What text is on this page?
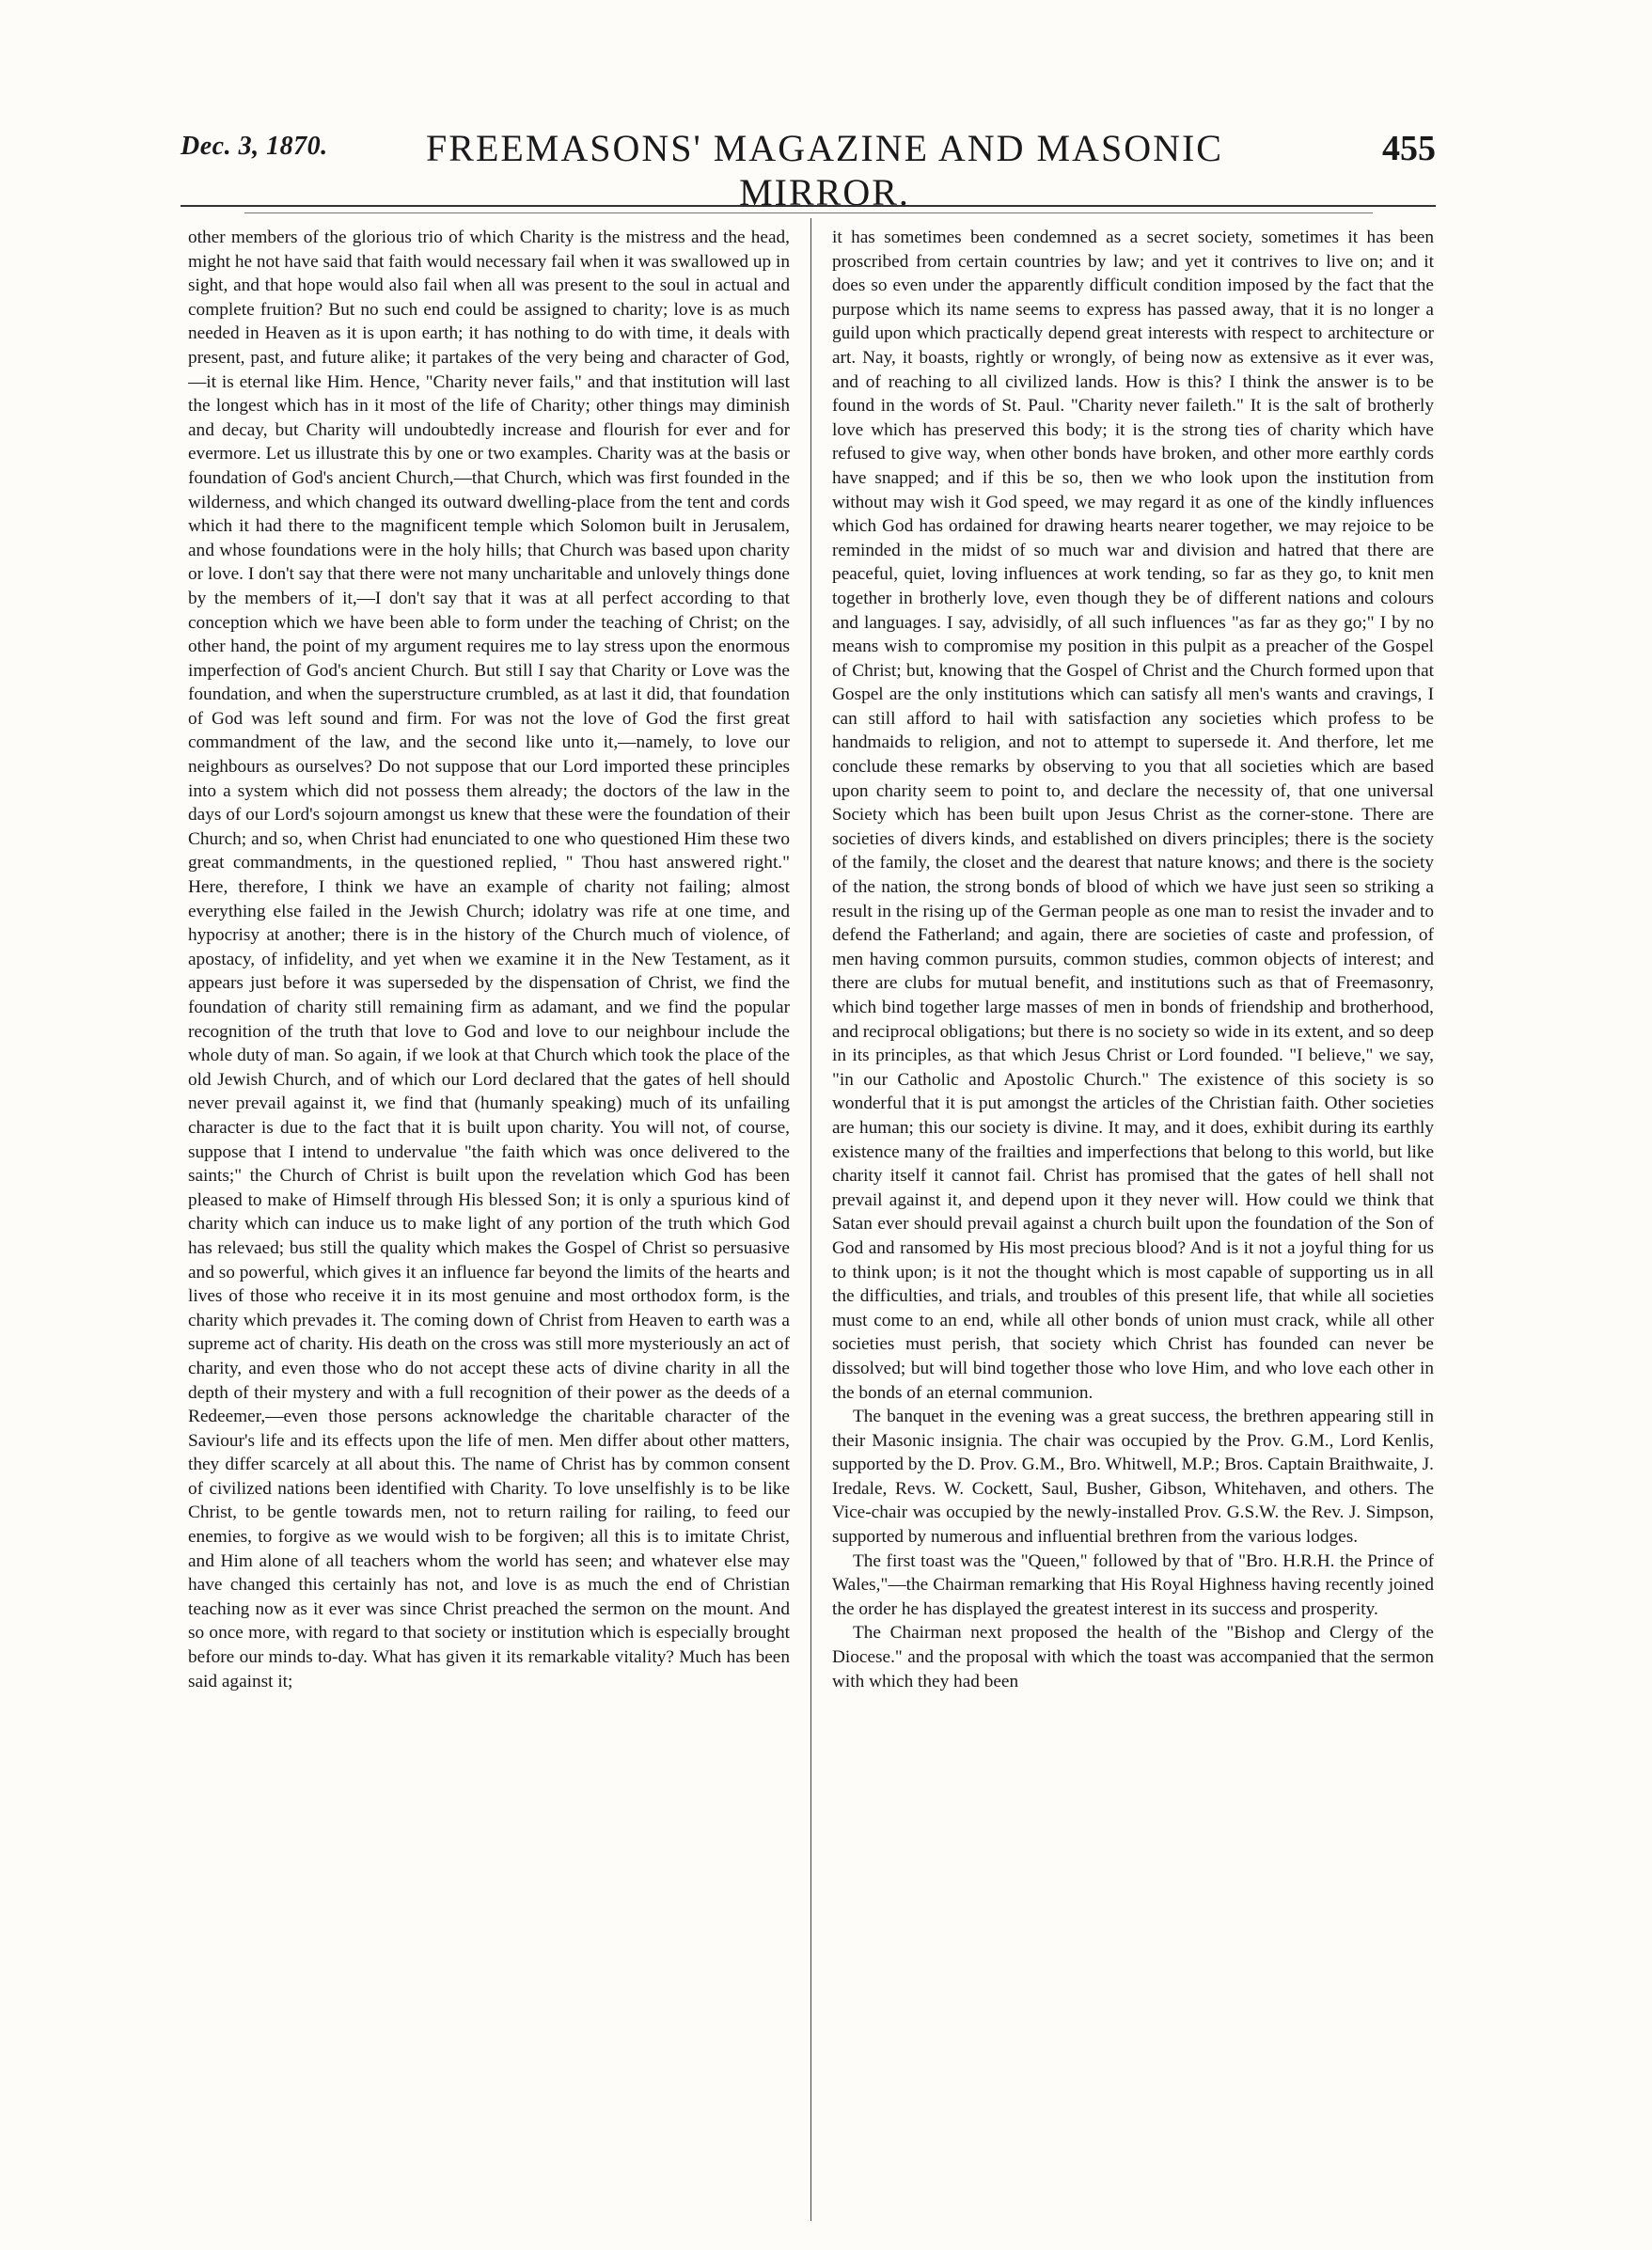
Dec. 3, 1870.	FREEMASONS' MAGAZINE AND MASONIC MIRROR.
455

other members of the glorious trio of which Charity is the mistress and the head, might he not have said that faith would necessary fail when it was swallowed up in sight, and that hope would also fail when all was present to the soul in actual and complete fruition? But no such end could be assigned to charity; love is as much needed in Heaven as it is upon earth; it has nothing to do with time, it deals with present, past, and future alike; it partakes of the very being and character of God,—it is eternal like Him. Hence, "Charity never fails," and that institution will last the longest which has in it most of the life of Charity; other things may diminish and decay, but Charity will undoubtedly increase and flourish for ever and for evermore. Let us illustrate this by one or two examples. Charity was at the basis or foundation of God's ancient Church,—that Church, which was first founded in the wilderness, and which changed its outward dwelling-place from the tent and cords which it had there to the magnificent temple which Solomon built in Jerusalem, and whose foundations were in the holy hills; that Church was based upon charity or love. I don't say that there were not many uncharitable and unlovely things done by the members of it,—I don't say that it was at all perfect according to that conception which we have been able to form under the teaching of Christ; on the other hand, the point of my argument requires me to lay stress upon the enormous imperfection of God's ancient Church. But still I say that Charity or Love was the foundation, and when the superstructure crumbled, as at last it did, that foundation of God was left sound and firm. For was not the love of God the first great commandment of the law, and the second like unto it,—namely, to love our neighbours as ourselves? Do not suppose that our Lord imported these principles into a system which did not possess them already; the doctors of the law in the days of our Lord's sojourn amongst us knew that these were the foundation of their Church; and so, when Christ had enunciated to one who questioned Him these two great commandments, in the questioned replied, " Thou hast answered right." Here, therefore, I think we have an example of charity not failing; almost everything else failed in the Jewish Church; idolatry was rife at one time, and hypocrisy at another; there is in the history of the Church much of violence, of apostacy, of infidelity, and yet when we examine it in the New Testament, as it appears just before it was superseded by the dispensation of Christ, we find the foundation of charity still remaining firm as adamant, and we find the popular recognition of the truth that love to God and love to our neighbour include the whole duty of man. So again, if we look at that Church which took the place of the old Jewish Church, and of which our Lord declared that the gates of hell should never prevail against it, we find that (humanly speaking) much of its unfailing character is due to the fact that it is built upon charity. You will not, of course, suppose that I intend to undervalue "the faith which was once delivered to the saints;" the Church of Christ is built upon the revelation which God has been pleased to make of Himself through His blessed Son; it is only a spurious kind of charity which can induce us to make light of any portion of the truth which God has relevaed; bus still the quality which makes the Gospel of Christ so persuasive and so powerful, which gives it an influence far beyond the limits of the hearts and lives of those who receive it in its most genuine and most orthodox form, is the charity which prevades it. The coming down of Christ from Heaven to earth was a supreme act of charity. His death on the cross was still more mysteriously an act of charity, and even those who do not accept these acts of divine charity in all the depth of their mystery and with a full recognition of their power as the deeds of a Redeemer,—even those persons acknowledge the charitable character of the Saviour's life and its effects upon the life of men. Men differ about other matters, they differ scarcely at all about this. The name of Christ has by common consent of civilized nations been identified with Charity. To love unselfishly is to be like Christ, to be gentle towards men, not to return railing for railing, to feed our enemies, to forgive as we would wish to be forgiven; all this is to imitate Christ, and Him alone of all teachers whom the world has seen; and whatever else may have changed this certainly has not, and love is as much the end of Christian teaching now as it ever was since Christ preached the sermon on the mount. And so once more, with regard to that society or institution which is especially brought before our minds to-day. What has given it its remarkable vitality? Much has been said against it;

it has sometimes been condemned as a secret society, sometimes it has been proscribed from certain countries by law; and yet it contrives to live on; and it does so even under the apparently difficult condition imposed by the fact that the purpose which its name seems to express has passed away, that it is no longer a guild upon which practically depend great interests with respect to architecture or art. Nay, it boasts, rightly or wrongly, of being now as extensive as it ever was, and of reaching to all civilized lands. How is this? I think the answer is to be found in the words of St. Paul. "Charity never faileth." It is the salt of brotherly love which has preserved this body; it is the strong ties of charity which have refused to give way, when other bonds have broken, and other more earthly cords have snapped; and if this be so, then we who look upon the institution from without may wish it God speed, we may regard it as one of the kindly influences which God has ordained for drawing hearts nearer together, we may rejoice to be reminded in the midst of so much war and division and hatred that there are peaceful, quiet, loving influences at work tending, so far as they go, to knit men together in brotherly love, even though they be of different nations and colours and languages. I say, advisidly, of all such influences "as far as they go;" I by no means wish to compromise my position in this pulpit as a preacher of the Gospel of Christ; but, knowing that the Gospel of Christ and the Church formed upon that Gospel are the only institutions which can satisfy all men's wants and cravings, I can still afford to hail with satisfaction any societies which profess to be handmaids to religion, and not to attempt to supersede it. And therfore, let me conclude these remarks by observing to you that all societies which are based upon charity seem to point to, and declare the necessity of, that one universal Society which has been built upon Jesus Christ as the corner-stone. There are societies of divers kinds, and established on divers principles; there is the society of the family, the closet and the dearest that nature knows; and there is the society of the nation, the strong bonds of blood of which we have just seen so striking a result in the rising up of the German people as one man to resist the invader and to defend the Fatherland; and again, there are societies of caste and profession, of men having common pursuits, common studies, common objects of interest; and there are clubs for mutual benefit, and institutions such as that of Freemasonry, which bind together large masses of men in bonds of friendship and brotherhood, and reciprocal obligations; but there is no society so wide in its extent, and so deep in its principles, as that which Jesus Christ or Lord founded. "I believe," we say, "in our Catholic and Apostolic Church." The existence of this society is so wonderful that it is put amongst the articles of the Christian faith. Other societies are human; this our society is divine. It may, and it does, exhibit during its earthly existence many of the frailties and imperfections that belong to this world, but like charity itself it cannot fail. Christ has promised that the gates of hell shall not prevail against it, and depend upon it they never will. How could we think that Satan ever should prevail against a church built upon the foundation of the Son of God and ransomed by His most precious blood? And is it not a joyful thing for us to think upon; is it not the thought which is most capable of supporting us in all the difficulties, and trials, and troubles of this present life, that while all societies must come to an end, while all other bonds of union must crack, while all other societies must perish, that society which Christ has founded can never be dissolved; but will bind together those who love Him, and who love each other in the bonds of an eternal communion.

The banquet in the evening was a great success, the brethren appearing still in their Masonic insignia. The chair was occupied by the Prov. G.M., Lord Kenlis, supported by the D. Prov. G.M., Bro. Whitwell, M.P.; Bros. Captain Braithwaite, J. Iredale, Revs. W. Cockett, Saul, Busher, Gibson, Whitehaven, and others. The Vice-chair was occupied by the newly-installed Prov. G.S.W. the Rev. J. Simpson, supported by numerous and influential brethren from the various lodges.

The first toast was the "Queen," followed by that of "Bro. H.R.H. the Prince of Wales,"—the Chairman remarking that His Royal Highness having recently joined the order he has displayed the greatest interest in its success and prosperity.

The Chairman next proposed the health of the "Bishop and Clergy of the Diocese." and the proposal with which the toast was accompanied that the sermon with which they had been
